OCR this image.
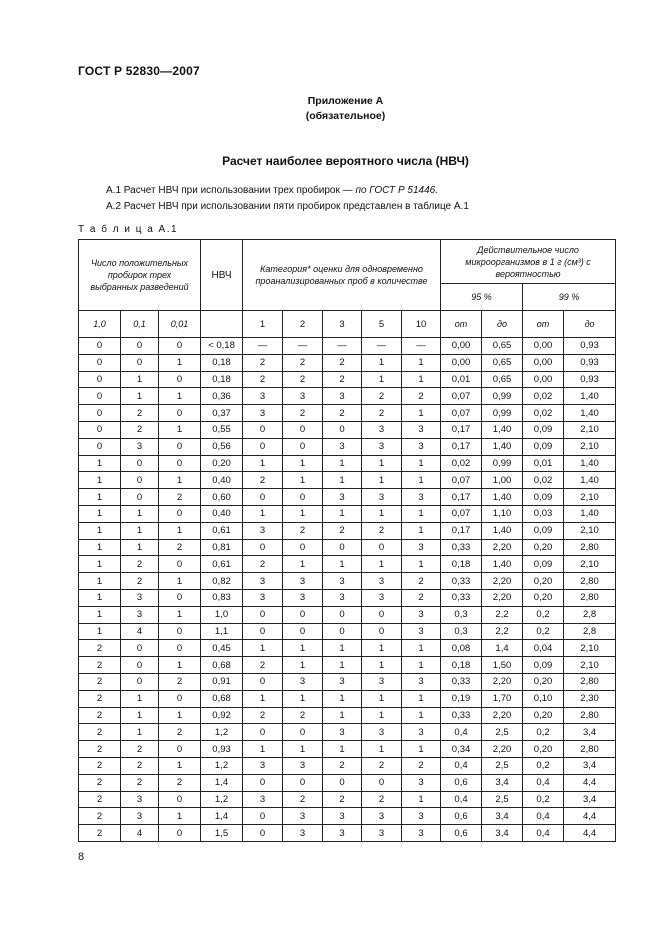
ГОСТ Р 52830—2007
Приложение А
(обязательное)
Расчет наиболее вероятного числа (НВЧ)
А.1 Расчет НВЧ при использовании трех пробирок — по ГОСТ Р 51446.
А.2 Расчет НВЧ при использовании пяти пробирок представлен в таблице А.1
Т а б л и ц а А.1
Число положительных пробирок трех выбранных разведений			НВЧ	Категория* оценки для одновременно проанализированных проб в количестве					Действительное число микроорганизмов в 1 г (см³) с вероятностью			

									95 %		99 %	
1,0	0,1	0,01		1	2	3	5	10	от	до	от	до
0	0	0	< 0,18	—	—	—	—	—	0,00	0,65	0,00	0,93
0	0	1	0,18	2	2	2	1	1	0,00	0,65	0,00	0,93
0	1	0	0,18	2	2	2	1	1	0,01	0,65	0,00	0,93
0	1	1	0,36	3	3	3	2	2	0,07	0,99	0,02	1,40
0	2	0	0,37	3	2	2	2	1	0,07	0,99	0,02	1,40
0	2	1	0,55	0	0	0	3	3	0,17	1,40	0,09	2,10
0	3	0	0,56	0	0	3	3	3	0,17	1,40	0,09	2,10
1	0	0	0,20	1	1	1	1	1	0,02	0,99	0,01	1,40
1	0	1	0,40	2	1	1	1	1	0,07	1,00	0,02	1,40
1	0	2	0,60	0	0	3	3	3	0,17	1,40	0,09	2,10
1	1	0	0,40	1	1	1	1	1	0,07	1,10	0,03	1,40
1	1	1	0,61	3	2	2	2	1	0,17	1,40	0,09	2,10
1	1	2	0,81	0	0	0	0	3	0,33	2,20	0,20	2,80
1	2	0	0,61	2	1	1	1	1	0,18	1,40	0,09	2,10
1	2	1	0,82	3	3	3	3	2	0,33	2,20	0,20	2,80
1	3	0	0,83	3	3	3	3	2	0,33	2,20	0,20	2,80
1	3	1	1,0	0	0	0	0	3	0,3	2,2	0,2	2,8
1	4	0	1,1	0	0	0	0	3	0,3	2,2	0,2	2,8
2	0	0	0,45	1	1	1	1	1	0,08	1,4	0,04	2,10
2	0	1	0,68	2	1	1	1	1	0,18	1,50	0,09	2,10
2	0	2	0,91	0	3	3	3	3	0,33	2,20	0,20	2,80
2	1	0	0,68	1	1	1	1	1	0,19	1,70	0,10	2,30
2	1	1	0,92	2	2	1	1	1	0,33	2,20	0,20	2,80
2	1	2	1,2	0	0	3	3	3	0,4	2,5	0,2	3,4
2	2	0	0,93	1	1	1	1	1	0,34	2,20	0,20	2,80
2	2	1	1,2	3	3	2	2	2	0,4	2,5	0,2	3,4
2	2	2	1,4	0	0	0	0	3	0,6	3,4	0,4	4,4
2	3	0	1,2	3	2	2	2	1	0,4	2,5	0,2	3,4
2	3	1	1,4	0	3	3	3	3	0,6	3,4	0,4	4,4
2	4	0	1,5	0	3	3	3	3	0,6	3,4	0,4	4,4
8
